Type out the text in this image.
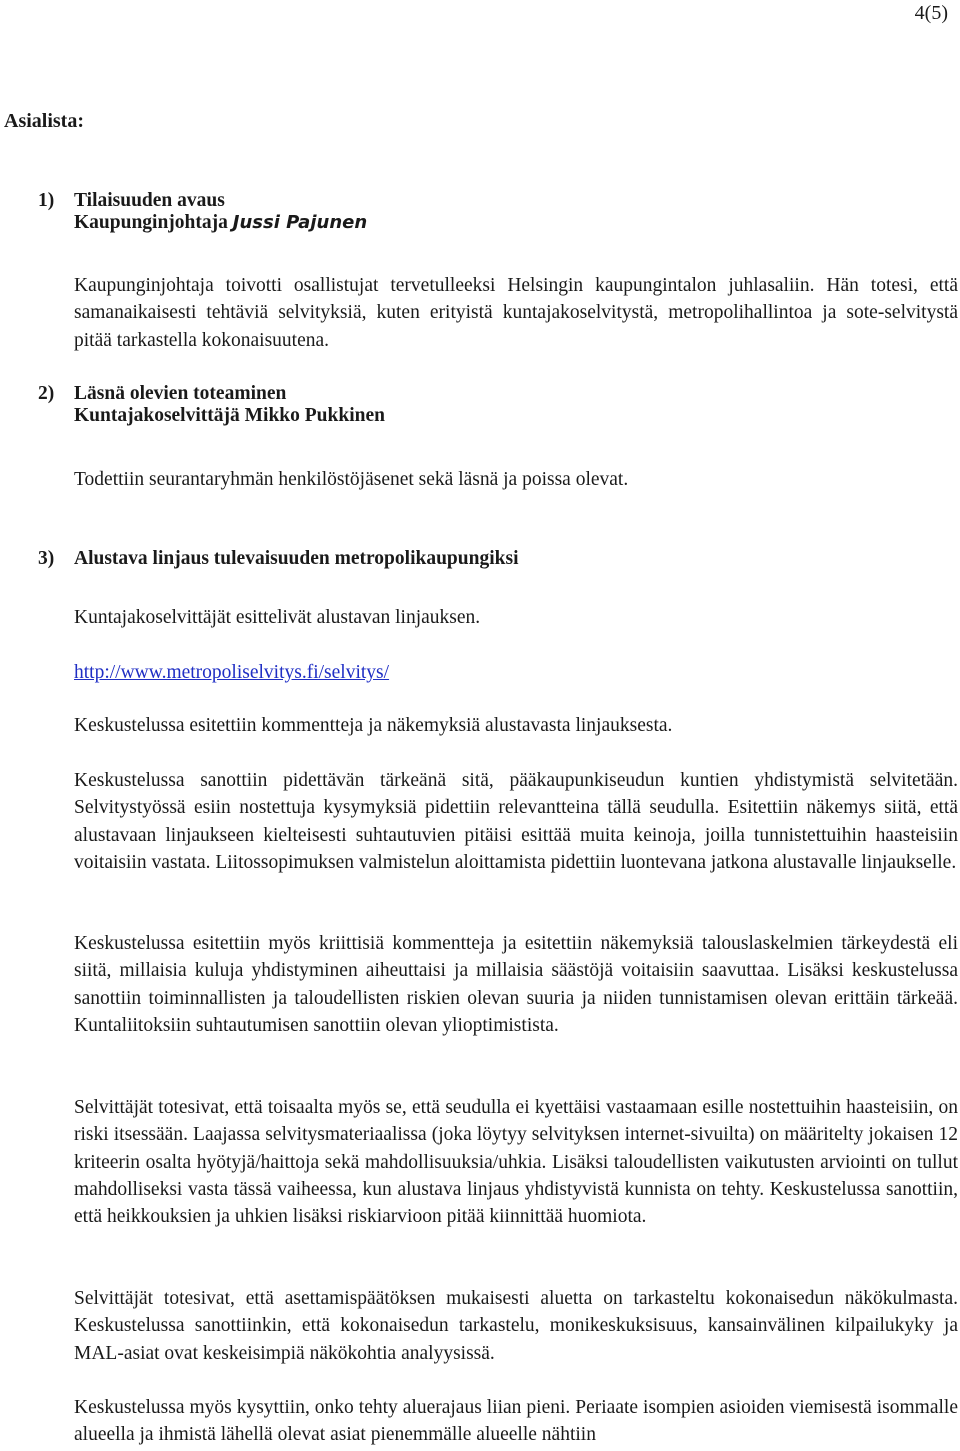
4(5)
Asialista:
1)	Tilaisuuden avaus
Kaupunginjohtaja Jussi Pajunen
Kaupunginjohtaja toivotti osallistujat tervetulleeksi Helsingin kaupungintalon juhlasaliin. Hän totesi, että samanaikaisesti tehtäviä selvityksiä, kuten erityistä kuntajakoselvitystä, metropolihallintoa ja sote-selvitystä pitää tarkastella kokonaisuutena.
2)	Läsnä olevien toteaminen
Kuntajakoselvittäjä Mikko Pukkinen
Todettiin seurantaryhmän henkilöstöjäsenet sekä läsnä ja poissa olevat.
3)	Alustava linjaus tulevaisuuden metropolikaupungiksi
Kuntajakoselvittäjät esittelivät alustavan linjauksen.
http://www.metropoliselvitys.fi/selvitys/
Keskustelussa esitettiin kommentteja ja näkemyksiä alustavasta linjauksesta.
Keskustelussa sanottiin pidettävän tärkeänä sitä, pääkaupunkiseudun kuntien yhdistymistä selvitetään. Selvitystyössä esiin nostettuja kysymyksiä pidettiin relevantteina tällä seudulla. Esitettiin näkemys siitä, että alustavaan linjaukseen kielteisesti suhtautuvien pitäisi esittää muita keinoja, joilla tunnistettuihin haasteisiin voitaisiin vastata. Liitossopimuksen valmistelun aloittamista pidettiin luontevana jatkona alustavalle linjaukselle.
Keskustelussa esitettiin myös kriittisiä kommentteja ja esitettiin näkemyksiä talouslaskelmien tärkeydestä eli siitä, millaisia kuluja yhdistyminen aiheuttaisi ja millaisia säästöjä voitaisiin saavuttaa. Lisäksi keskustelussa sanottiin toiminnallisten ja taloudellisten riskien olevan suuria ja niiden tunnistamisen olevan erittäin tärkeää. Kuntaliitoksiin suhtautumisen sanottiin olevan ylioptimistista.
Selvittäjät totesivat, että toisaalta myös se, että seudulla ei kyettäisi vastaamaan esille nostettuihin haasteisiin, on riski itsessään. Laajassa selvitysmateriaalissa (joka löytyy selvityksen internet-sivuilta) on määritelty jokaisen 12 kriteerin osalta hyötyjä/haittoja sekä mahdollisuuksia/uhkia. Lisäksi taloudellisten vaikutusten arviointi on tullut mahdolliseksi vasta tässä vaiheessa, kun alustava linjaus yhdistyvistä kunnista on tehty. Keskustelussa sanottiin, että heikkouksien ja uhkien lisäksi riskiarvioon pitää kiinnittää huomiota.
Selvittäjät totesivat, että asettamispäätöksen mukaisesti aluetta on tarkasteltu kokonaisedun näkökulmasta. Keskustelussa sanottiinkin, että kokonaisedun tarkastelu, monikeskuksisuus, kansainvälinen kilpailukyky ja MAL-asiat ovat keskeisimpiä näkökohtia analyysissä.
Keskustelussa myös kysyttiin, onko tehty aluerajaus liian pieni. Periaate isompien asioiden viemisestä isommalle alueella ja ihmistä lähellä olevat asiat pienemmälle alueelle nähtiin
